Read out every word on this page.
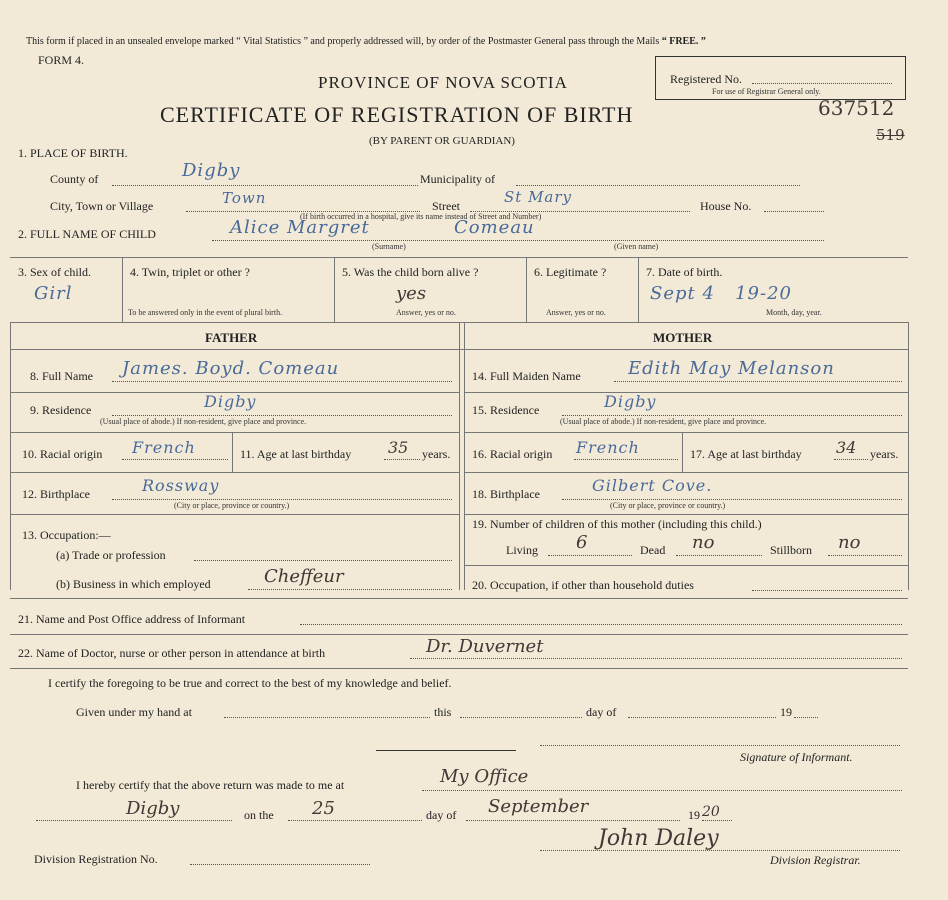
This form if placed in an unsealed envelope marked “ Vital Statistics ” and properly addressed will, by order of the Postmaster General pass through the Mails “ FREE. ”
FORM 4.
PROVINCE OF NOVA SCOTIA
CERTIFICATE OF REGISTRATION OF BIRTH
(BY PARENT OR GUARDIAN)
Registered No.
For use of Registrar General only.
637512
519
1. PLACE OF BIRTH.
County of	Digby	Municipality of
City, Town or Village	Town	Street	St Mary	House No.
(If birth occurred in a hospital, give its name instead of Street and Number)
2. FULL NAME OF CHILD	Alice Margret	Comeau
(Surname)	(Given name)
3. Sex of child.
Girl
4. Twin, triplet or other ?
To be answered only in the event of plural birth.
5. Was the child born alive ?
yes
Answer, yes or no.
6. Legitimate ?
Answer, yes or no.
7. Date of birth.
Sept 4   19-20
Month, day, year.
FATHER	MOTHER
8. Full Name James. Boyd. Comeau
9. Residence	Digby
(Usual place of abode.) If non-resident, give place and province.
10. Racial origin French	11. Age at last birthday 35 years.
12. Birthplace	Rossway
(City or place, province or country.)
13. Occupation:—
(a) Trade or profession
(b) Business in which employed	Cheffeur
14. Full Maiden Name	Edith May Melanson
15. Residence	Digby
(Usual place of abode.) If non-resident, give place and province.
16. Racial origin French	17. Age at last birthday 34 years.
18. Birthplace	Gilbert Cove.
(City or place, province or country.)
19. Number of children of this mother (including this child.)
Living 6	Dead no	Stillborn no
20. Occupation, if other than household duties
21. Name and Post Office address of Informant
22. Name of Doctor, nurse or other person in attendance at birth	Dr. Duvernet
I certify the foregoing to be true and correct to the best of my knowledge and belief.
Given under my hand at	this	day of	19
Signature of Informant.
I hereby certify that the above return was made to me at	My Office
Digby	on the 25	day of September	19 20
Division Registration No.
John Daley
Division Registrar.
